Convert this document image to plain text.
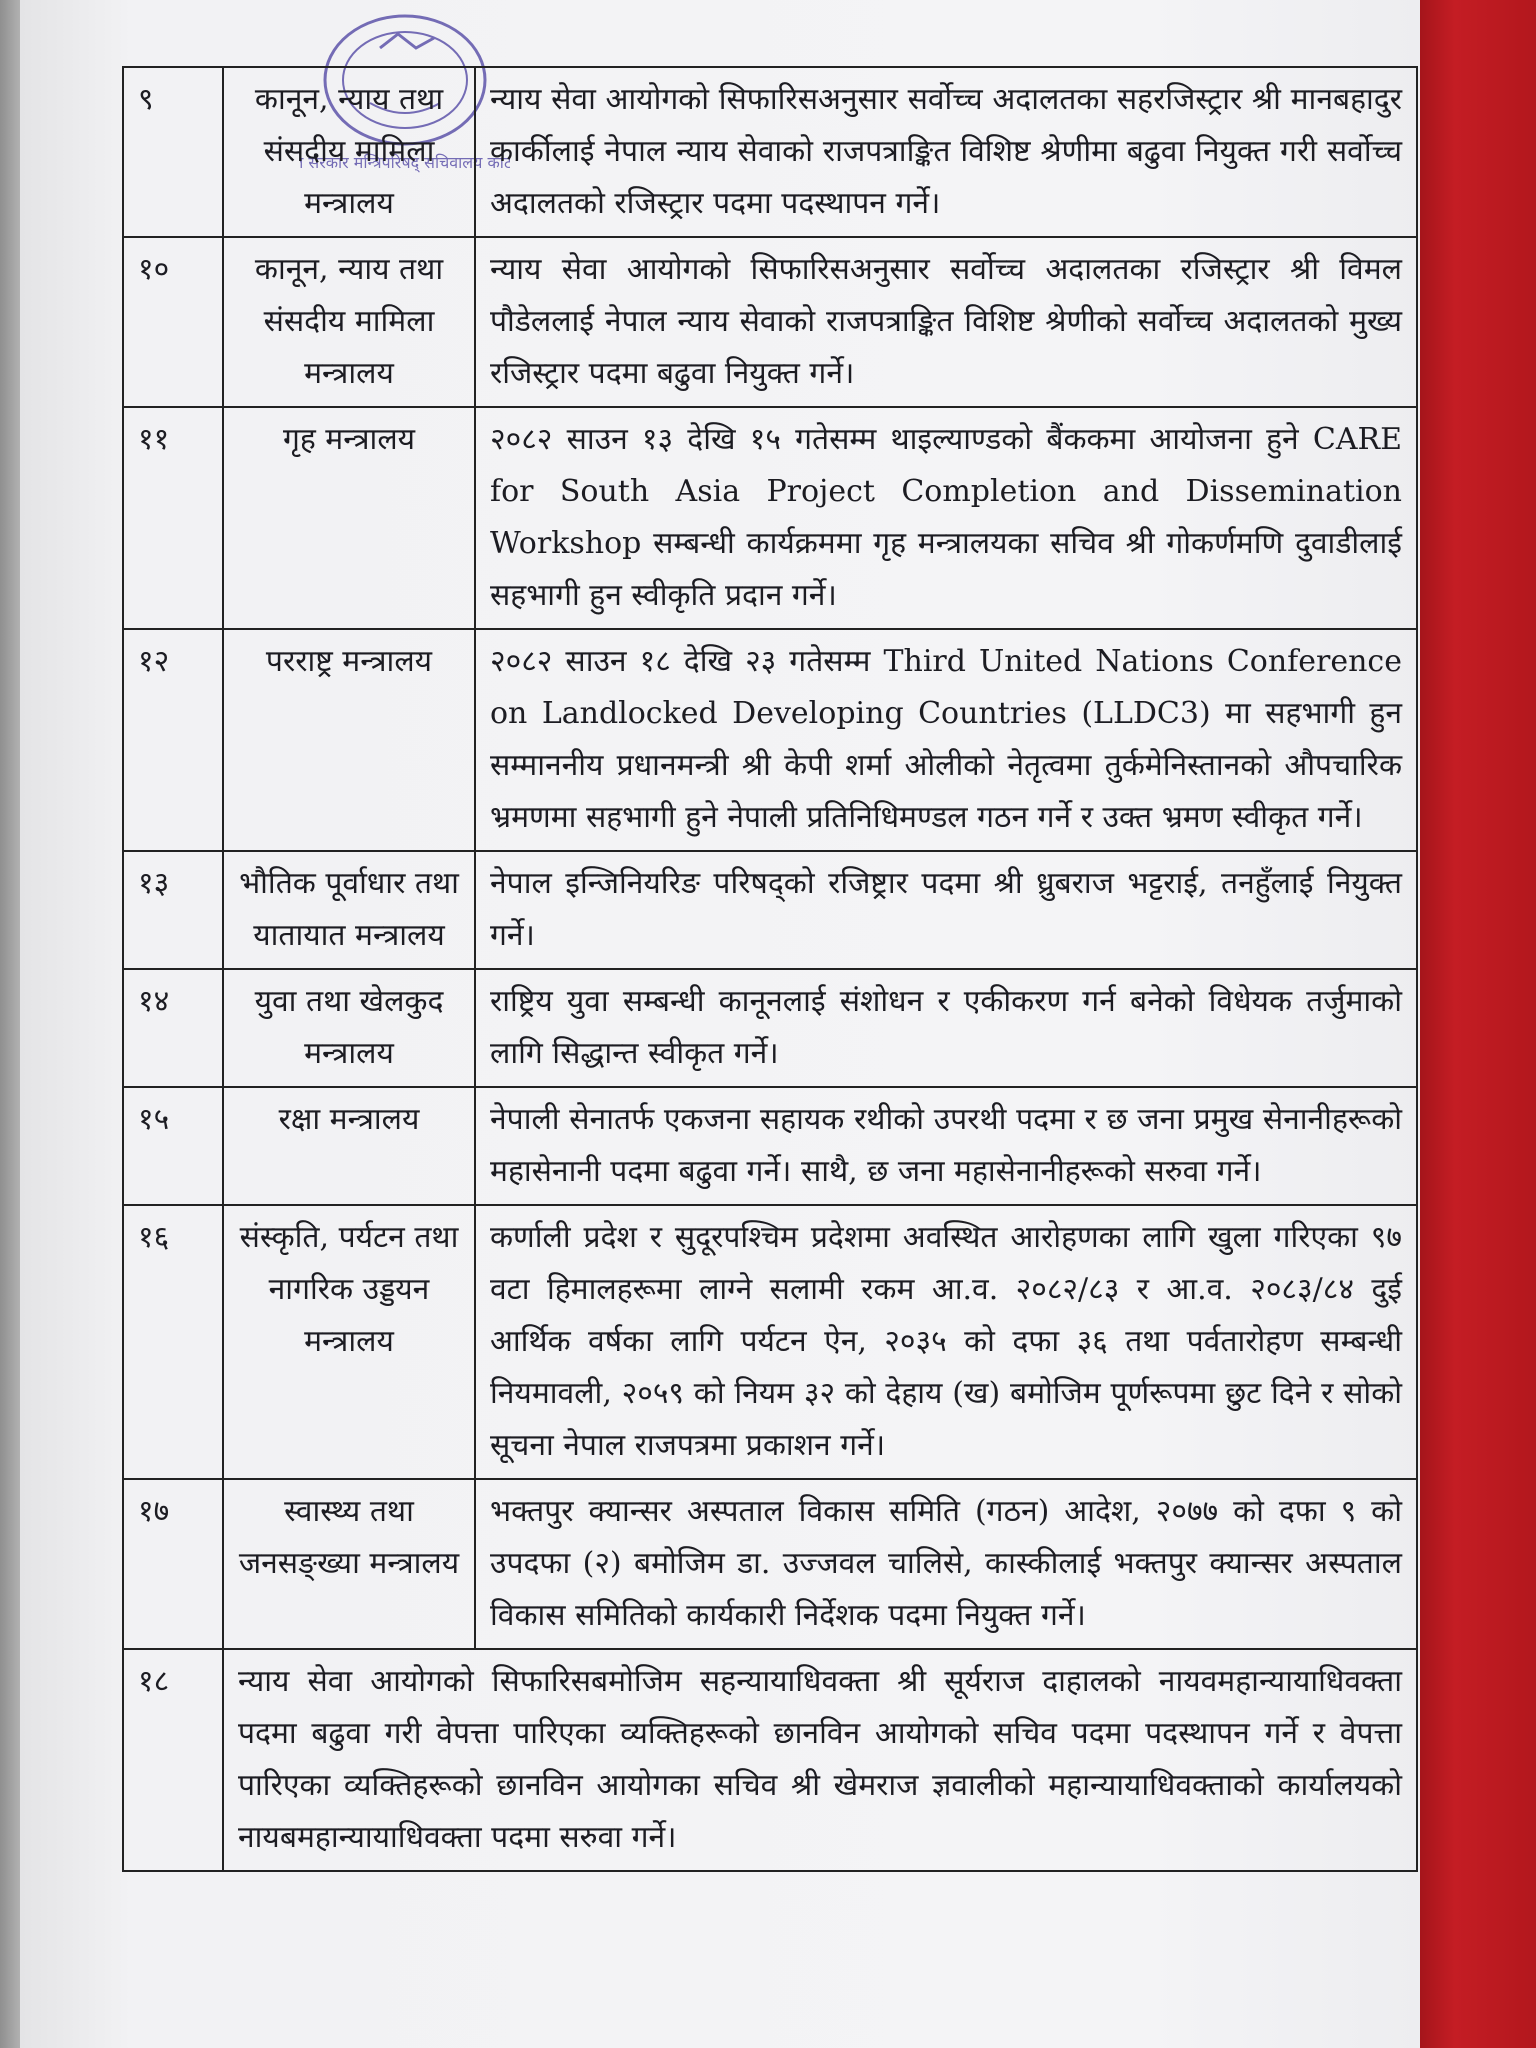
सरकार मन्त्रिपरिषद् सचिवालय काठ
९	कानून, न्याय तथा संसदीय मामिला मन्त्रालय	न्याय सेवा आयोगको सिफारिसअनुसार सर्वोच्च अदालतका सहरजिस्ट्रार श्री मानबहादुर कार्कीलाई नेपाल न्याय सेवाको राजपत्राङ्कित विशिष्ट श्रेणीमा बढुवा नियुक्त गरी सर्वोच्च अदालतको रजिस्ट्रार पदमा पदस्थापन गर्ने।
१०	कानून, न्याय तथा संसदीय मामिला मन्त्रालय	न्याय सेवा आयोगको सिफारिसअनुसार सर्वोच्च अदालतका रजिस्ट्रार श्री विमल पौडेललाई नेपाल न्याय सेवाको राजपत्राङ्कित विशिष्ट श्रेणीको सर्वोच्च अदालतको मुख्य रजिस्ट्रार पदमा बढुवा नियुक्त गर्ने।
११	गृह मन्त्रालय	२०८२ साउन १३ देखि १५ गतेसम्म थाइल्याण्डको बैंककमा आयोजना हुने CARE for South Asia Project Completion and Dissemination Workshop सम्बन्धी कार्यक्रममा गृह मन्त्रालयका सचिव श्री गोकर्णमणि दुवाडीलाई सहभागी हुन स्वीकृति प्रदान गर्ने।
१२	परराष्ट्र मन्त्रालय	२०८२ साउन १८ देखि २३ गतेसम्म Third United Nations Conference on Landlocked Developing Countries (LLDC3) मा सहभागी हुन सम्माननीय प्रधानमन्त्री श्री केपी शर्मा ओलीको नेतृत्वमा तुर्कमेनिस्तानको औपचारिक भ्रमणमा सहभागी हुने नेपाली प्रतिनिधिमण्डल गठन गर्ने र उक्त भ्रमण स्वीकृत गर्ने।
१३	भौतिक पूर्वाधार तथा यातायात मन्त्रालय	नेपाल इन्जिनियरिङ परिषद्को रजिष्ट्रार पदमा श्री ध्रुबराज भट्टराई, तनहुँलाई नियुक्त गर्ने।
१४	युवा तथा खेलकुद मन्त्रालय	राष्ट्रिय युवा सम्बन्धी कानूनलाई संशोधन र एकीकरण गर्न बनेको विधेयक तर्जुमाको लागि सिद्धान्त स्वीकृत गर्ने।
१५	रक्षा मन्त्रालय	नेपाली सेनातर्फ एकजना सहायक रथीको उपरथी पदमा र छ जना प्रमुख सेनानीहरूको महासेनानी पदमा बढुवा गर्ने। साथै, छ जना महासेनानीहरूको सरुवा गर्ने।
१६	संस्कृति, पर्यटन तथा नागरिक उड्डयन मन्त्रालय	कर्णाली प्रदेश र सुदूरपश्चिम प्रदेशमा अवस्थित आरोहणका लागि खुला गरिएका ९७ वटा हिमालहरूमा लाग्ने सलामी रकम आ.व. २०८२/८३ र आ.व. २०८३/८४ दुई आर्थिक वर्षका लागि पर्यटन ऐन, २०३५ को दफा ३६ तथा पर्वतारोहण सम्बन्धी नियमावली, २०५९ को नियम ३२ को देहाय (ख) बमोजिम पूर्णरूपमा छुट दिने र सोको सूचना नेपाल राजपत्रमा प्रकाशन गर्ने।
१७	स्वास्थ्य तथा जनसङ्ख्या मन्त्रालय	भक्तपुर क्यान्सर अस्पताल विकास समिति (गठन) आदेश, २०७७ को दफा ९ को उपदफा (२) बमोजिम डा. उज्जवल चालिसे, कास्कीलाई भक्तपुर क्यान्सर अस्पताल विकास समितिको कार्यकारी निर्देशक पदमा नियुक्त गर्ने।
१८	न्याय सेवा आयोगको सिफारिसबमोजिम सहन्यायाधिवक्ता श्री सूर्यराज दाहालको नायवमहान्यायाधिवक्ता पदमा बढुवा गरी वेपत्ता पारिएका व्यक्तिहरूको छानविन आयोगको सचिव पदमा पदस्थापन गर्ने र वेपत्ता पारिएका व्यक्तिहरूको छानविन आयोगका सचिव श्री खेमराज ज्ञवालीको महान्यायाधिवक्ताको कार्यालयको नायबमहान्यायाधिवक्ता पदमा सरुवा गर्ने।	
